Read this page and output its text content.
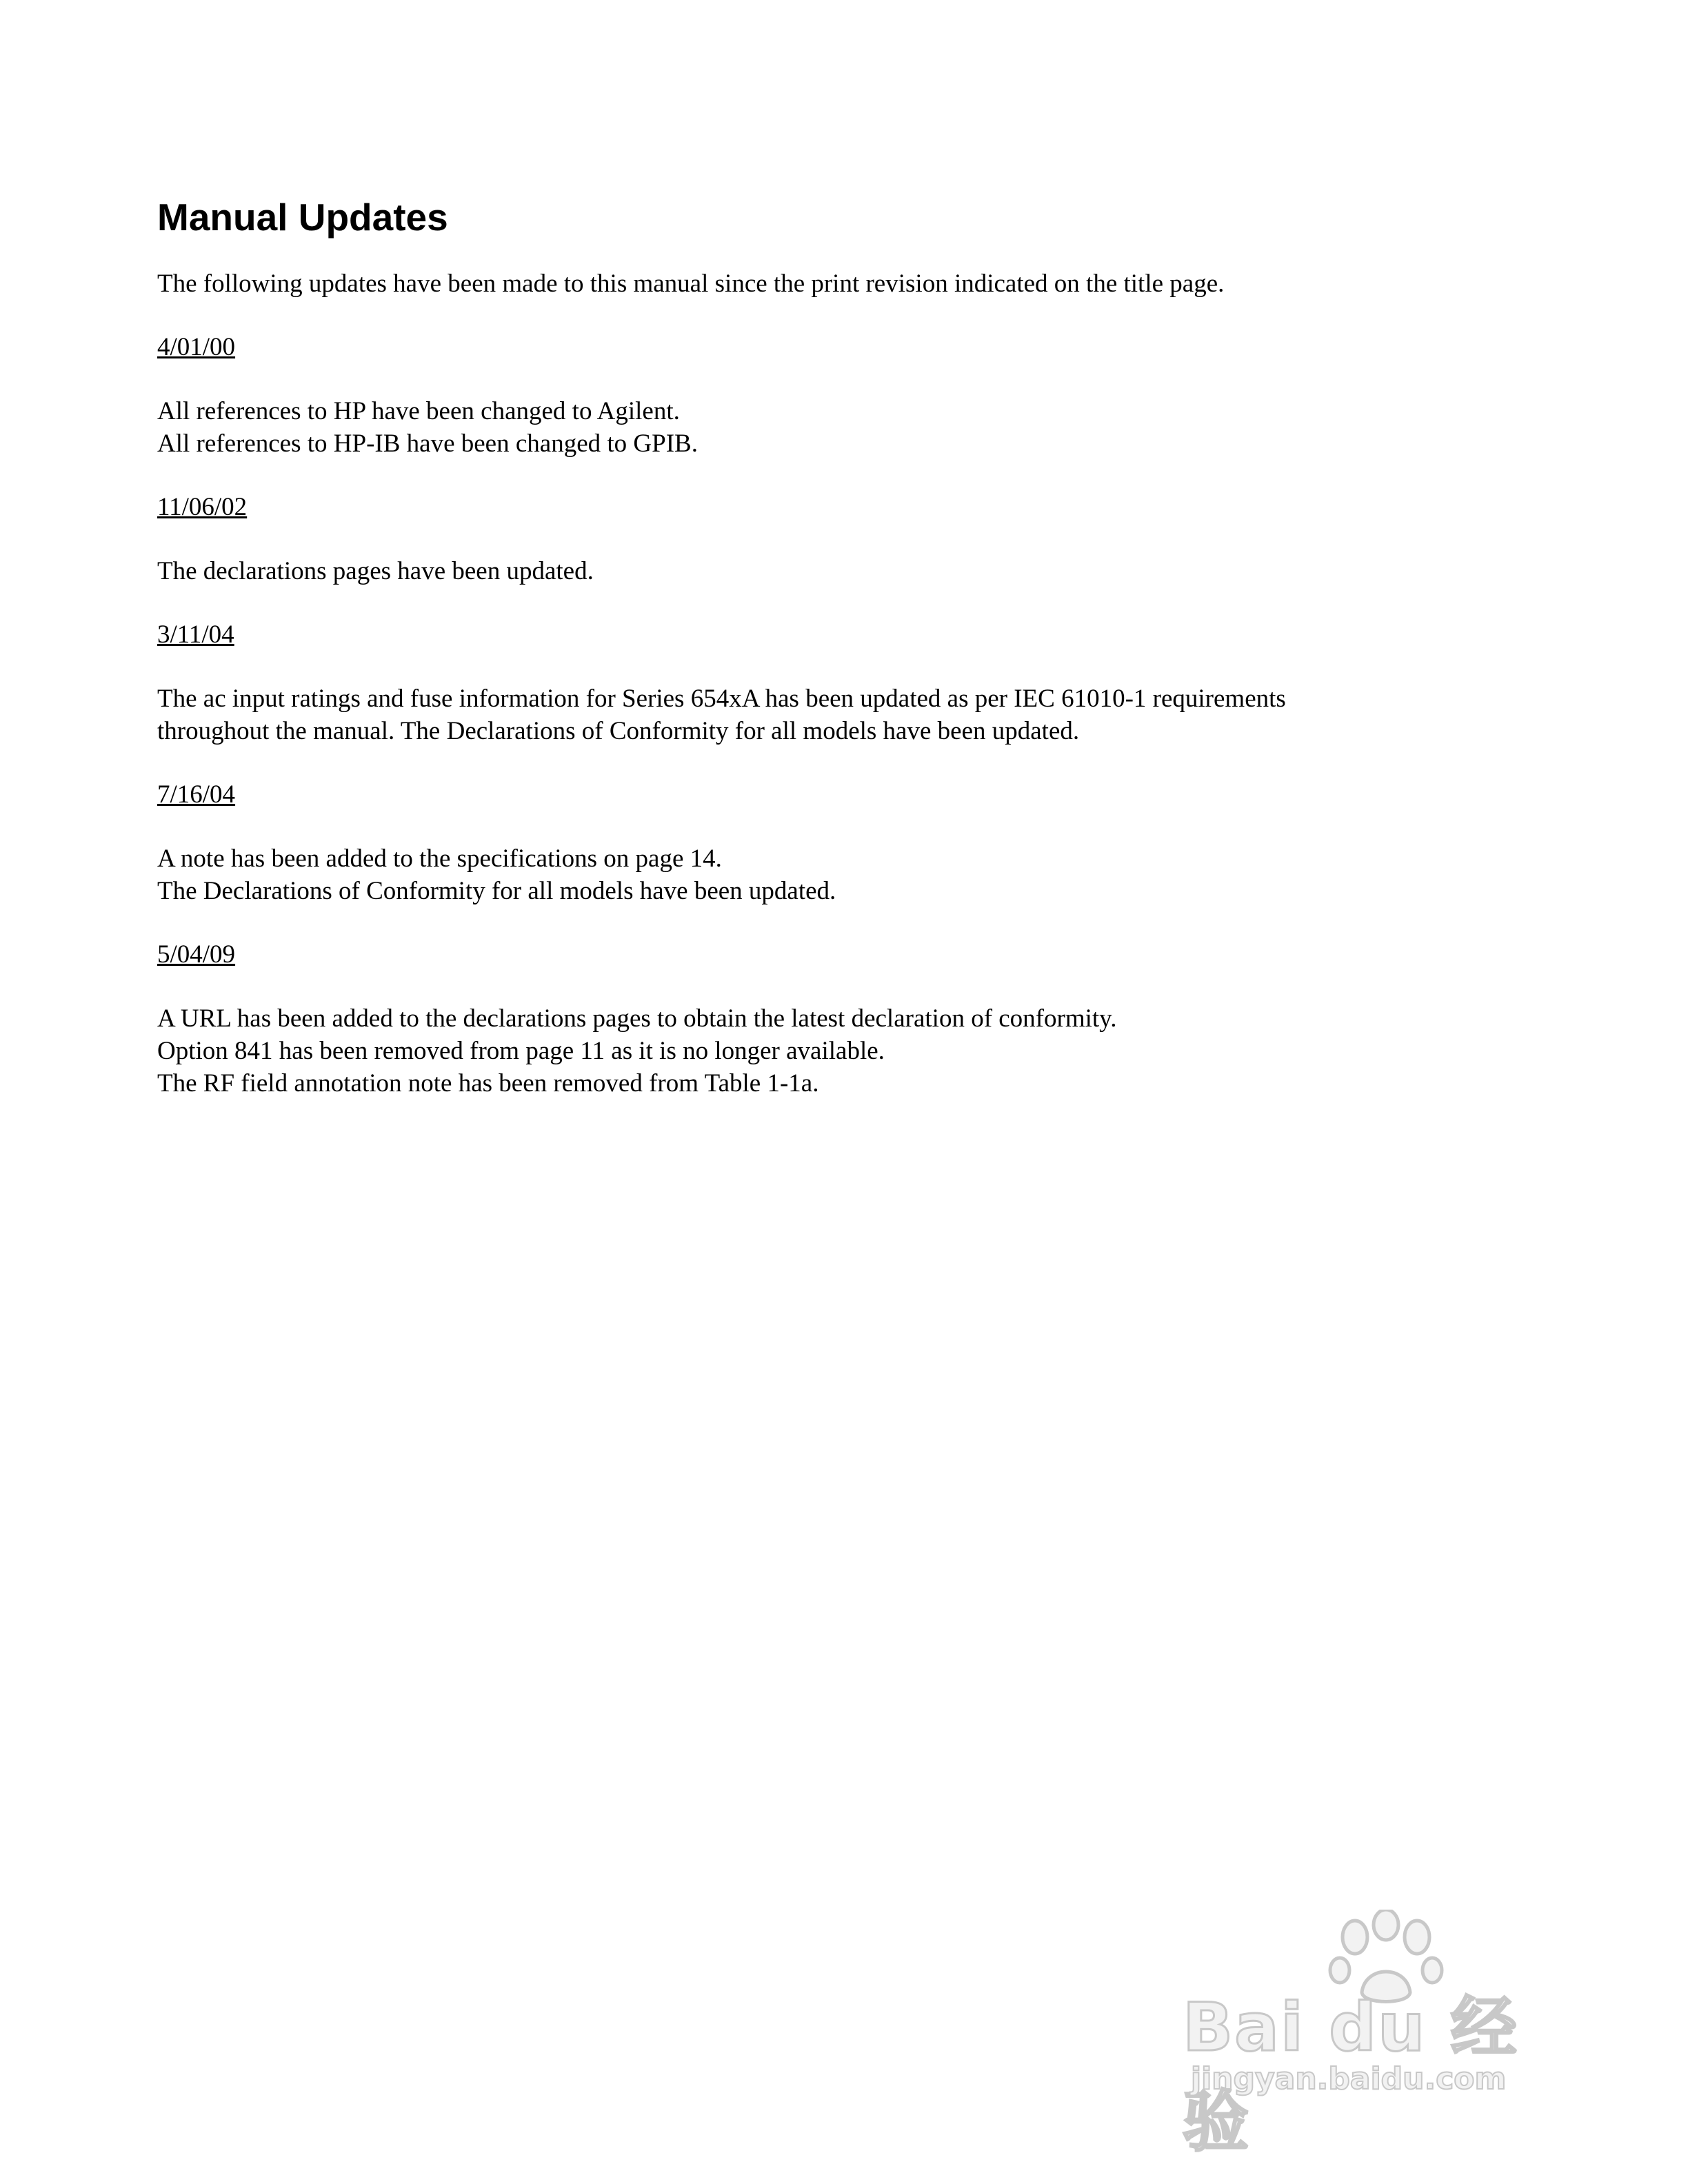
Manual Updates

The following updates have been made to this manual since the print revision indicated on the title page.

4/01/00

All references to HP have been changed to Agilent.
All references to HP-IB have been changed to GPIB.

11/06/02

The declarations pages have been updated.

3/11/04

The ac input ratings and fuse information for Series 654xA has been updated as per IEC 61010-1 requirements
throughout the manual. The Declarations of Conformity for all models have been updated.

7/16/04

A note has been added to the specifications on page 14.
The Declarations of Conformity for all models have been updated.

5/04/09

A URL has been added to the declarations pages to obtain the latest declaration of conformity.
Option 841 has been removed from page 11 as it is no longer available.
The RF field annotation note has been removed from Table 1-1a.

Bai du 经验
jingyan.baidu.com
